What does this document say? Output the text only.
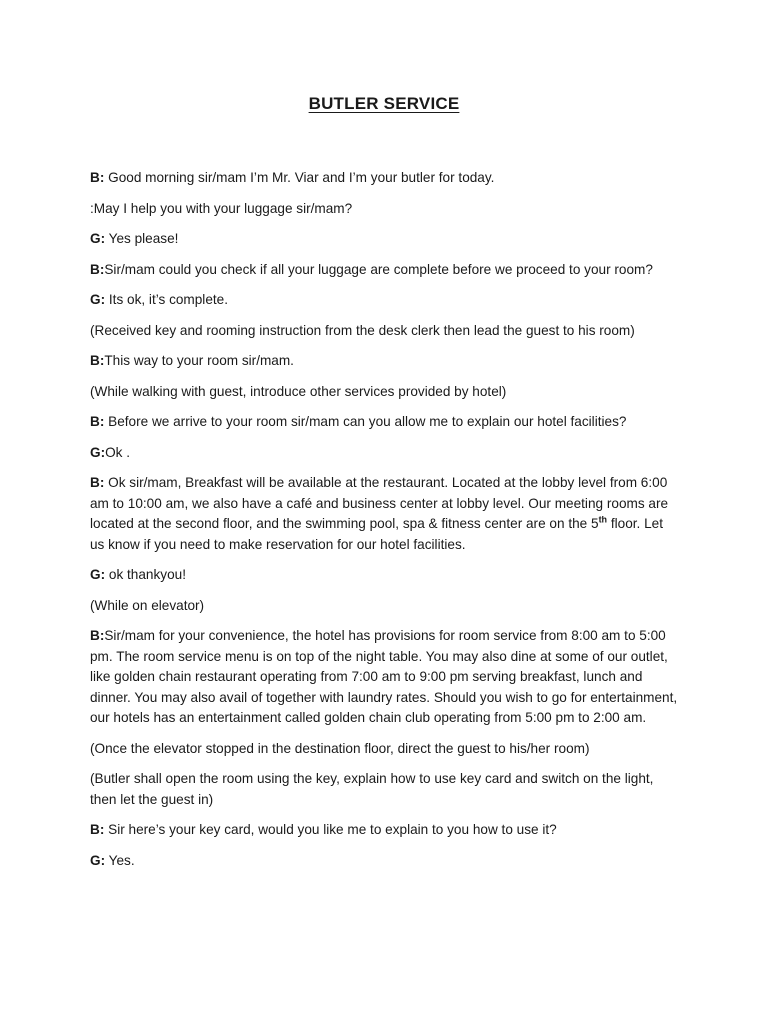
BUTLER SERVICE

B: Good morning sir/mam I’m Mr. Viar and I’m your butler for today.

:May I help you with your luggage sir/mam?

G: Yes please!

B:Sir/mam could you check if all your luggage are complete before we proceed to your room?

G: Its ok, it’s complete.

(Received key and rooming instruction from the desk clerk then lead the guest to his room)

B:This way to your room sir/mam.

(While walking with guest, introduce other services provided by hotel)

B: Before we arrive to your room sir/mam can you allow me to explain our hotel facilities?

G:Ok .

B: Ok sir/mam, Breakfast will be available at the restaurant. Located at the lobby level from 6:00 am to 10:00 am, we also have a café and business center at lobby level. Our meeting rooms are located at the second floor, and the swimming pool, spa & fitness center are on the 5th floor. Let us know if you need to make reservation for our hotel facilities.

G: ok thankyou!

(While on elevator)

B:Sir/mam for your convenience, the hotel has provisions for room service from 8:00 am to 5:00 pm. The room service menu is on top of the night table. You may also dine at some of our outlet, like golden chain restaurant operating from 7:00 am to 9:00 pm serving breakfast, lunch and dinner. You may also avail of together with laundry rates. Should you wish to go for entertainment, our hotels has an entertainment called golden chain club operating from 5:00 pm to 2:00 am.

(Once the elevator stopped in the destination floor, direct the guest to his/her room)

(Butler shall open the room using the key, explain how to use key card and switch on the light, then let the guest in)

B: Sir here’s your key card, would you like me to explain to you how to use it?

G: Yes.
